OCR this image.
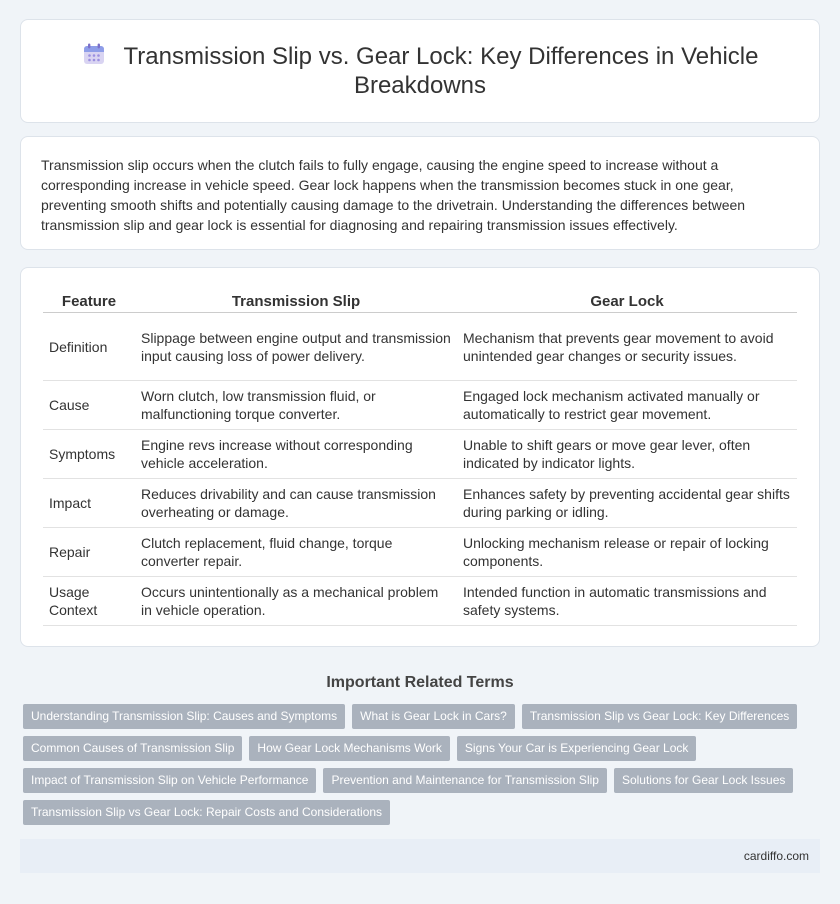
Transmission Slip vs. Gear Lock: Key Differences in Vehicle Breakdowns

Transmission slip occurs when the clutch fails to fully engage, causing the engine speed to increase without a corresponding increase in vehicle speed. Gear lock happens when the transmission becomes stuck in one gear, preventing smooth shifts and potentially causing damage to the drivetrain. Understanding the differences between transmission slip and gear lock is essential for diagnosing and repairing transmission issues effectively.

Feature	Transmission Slip	Gear Lock
Definition	Slippage between engine output and transmission input causing loss of power delivery.	Mechanism that prevents gear movement to avoid unintended gear changes or security issues.
Cause	Worn clutch, low transmission fluid, or malfunctioning torque converter.	Engaged lock mechanism activated manually or automatically to restrict gear movement.
Symptoms	Engine revs increase without corresponding vehicle acceleration.	Unable to shift gears or move gear lever, often indicated by indicator lights.
Impact	Reduces drivability and can cause transmission overheating or damage.	Enhances safety by preventing accidental gear shifts during parking or idling.
Repair	Clutch replacement, fluid change, torque converter repair.	Unlocking mechanism release or repair of locking components.
Usage Context	Occurs unintentionally as a mechanical problem in vehicle operation.	Intended function in automatic transmissions and safety systems.
Important Related Terms
Understanding Transmission Slip: Causes and Symptoms	What is Gear Lock in Cars?	Transmission Slip vs Gear Lock: Key Differences
Common Causes of Transmission Slip	How Gear Lock Mechanisms Work	Signs Your Car is Experiencing Gear Lock
Impact of Transmission Slip on Vehicle Performance	Prevention and Maintenance for Transmission Slip	Solutions for Gear Lock Issues
Transmission Slip vs Gear Lock: Repair Costs and Considerations
cardiffo.com
